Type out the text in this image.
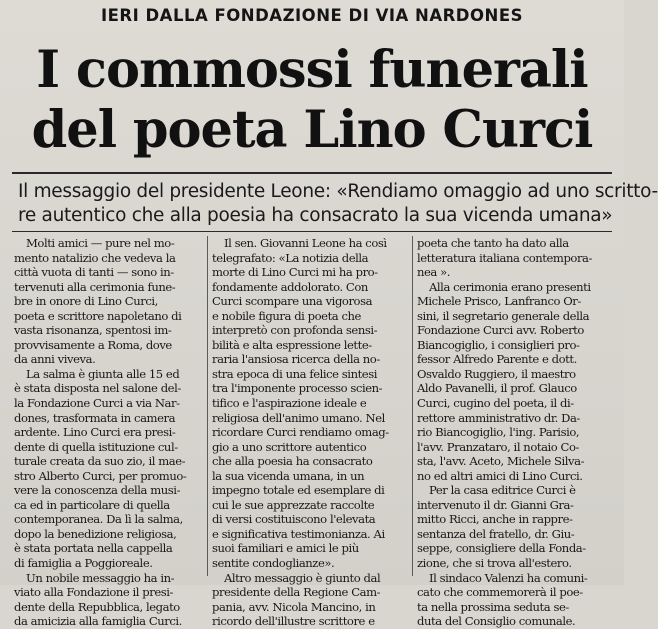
IERI DALLA FONDAZIONE DI VIA NARDONES
I commossi funerali
del poeta Lino Curci
Il messaggio del presidente Leone: «Rendiamo omaggio ad uno scritto-
re autentico che alla poesia ha consacrato la sua vicenda umana»
Molti amici — pure nel mo-
mento natalizio che vedeva la
città vuota di tanti — sono in-
tervenuti alla cerimonia fune-
bre in onore di Lino Curci,
poeta e scrittore napoletano di
vasta risonanza, spentosi im-
provvisamente a Roma, dove
da anni viveva.
La salma è giunta alle 15 ed
è stata disposta nel salone del-
la Fondazione Curci a via Nar-
dones, trasformata in camera
ardente. Lino Curci era presi-
dente di quella istituzione cul-
turale creata da suo zio, il mae-
stro Alberto Curci, per promuo-
vere la conoscenza della musi-
ca ed in particolare di quella
contemporanea. Da lì la salma,
dopo la benedizione religiosa,
è stata portata nella cappella
di famiglia a Poggioreale.
Un nobile messaggio ha in-
viato alla Fondazione il presi-
dente della Repubblica, legato
da amicizia alla famiglia Curci.
Il sen. Giovanni Leone ha così
telegrafato: «La notizia della
morte di Lino Curci mi ha pro-
fondamente addolorato. Con
Curci scompare una vigorosa
e nobile figura di poeta che
interpretò con profonda sensi-
bilità e alta espressione lette-
raria l'ansiosa ricerca della no-
stra epoca di una felice sintesi
tra l'imponente processo scien-
tifico e l'aspirazione ideale e
religiosa dell'animo umano. Nel
ricordare Curci rendiamo omag-
gio a uno scrittore autentico
che alla poesia ha consacrato
la sua vicenda umana, in un
impegno totale ed esemplare di
cui le sue apprezzate raccolte
di versi costituiscono l'elevata
e significativa testimonianza. Ai
suoi familiari e amici le più
sentite condoglianze».
Altro messaggio è giunto dal
presidente della Regione Cam-
pania, avv. Nicola Mancino, in
ricordo dell'illustre scrittore e
poeta che tanto ha dato alla
letteratura italiana contempora-
nea ».
Alla cerimonia erano presenti
Michele Prisco, Lanfranco Or-
sini, il segretario generale della
Fondazione Curci avv. Roberto
Biancogiglio, i consiglieri pro-
fessor Alfredo Parente e dott.
Osvaldo Ruggiero, il maestro
Aldo Pavanelli, il prof. Glauco
Curci, cugino del poeta, il di-
rettore amministrativo dr. Da-
rio Biancogiglio, l'ing. Parisio,
l'avv. Pranzataro, il notaio Co-
sta, l'avv. Aceto, Michele Silva-
no ed altri amici di Lino Curci.
Per la casa editrice Curci è
intervenuto il dr. Gianni Gra-
mitto Ricci, anche in rappre-
sentanza del fratello, dr. Giu-
seppe, consigliere della Fonda-
zione, che si trova all'estero.
Il sindaco Valenzi ha comuni-
cato che commemorerà il poe-
ta nella prossima seduta se-
duta del Consiglio comunale.
